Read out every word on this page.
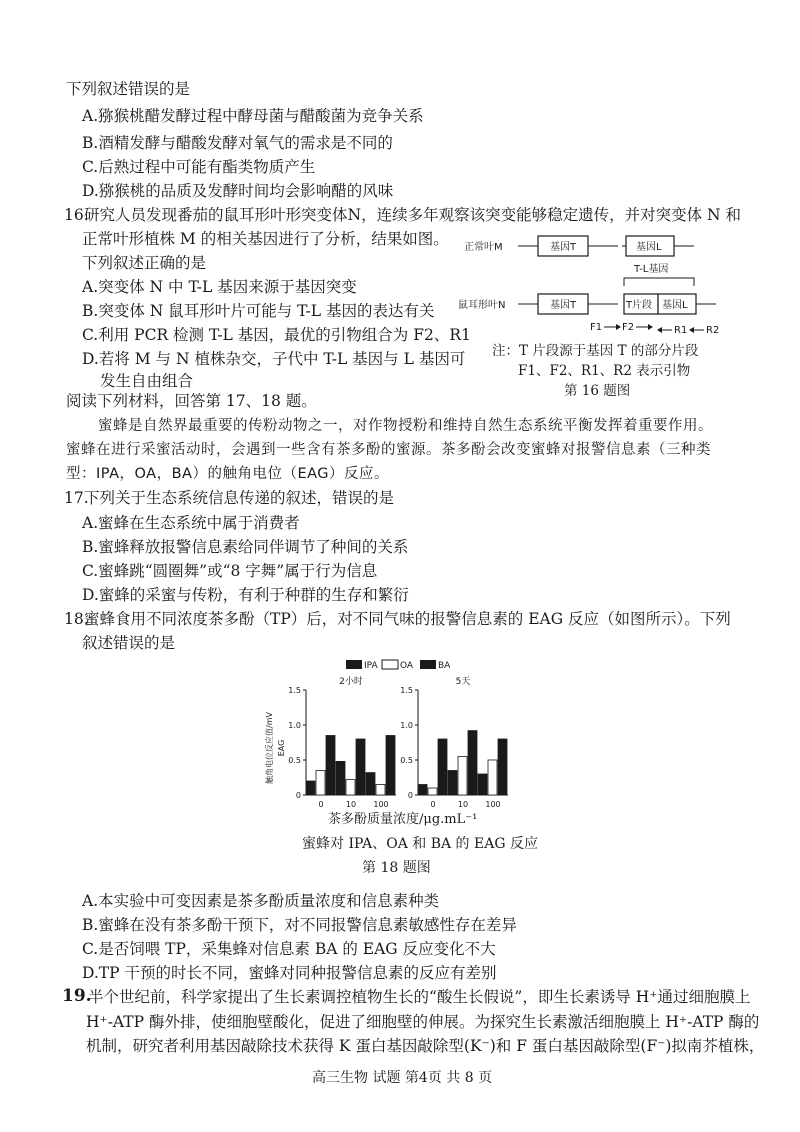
下列叙述错误的是
A.猕猴桃醋发酵过程中酵母菌与醋酸菌为竞争关系
B.酒精发酵与醋酸发酵对氧气的需求是不同的
C.后熟过程中可能有酯类物质产生
D.猕猴桃的品质及发酵时间均会影响醋的风味
16.
研究人员发现番茄的鼠耳形叶形突变体N，连续多年观察该突变能够稳定遗传，并对突变体 N 和
正常叶形植株 M 的相关基因进行了分析，结果如图。
下列叙述正确的是
A.突变体 N 中 T-L 基因来源于基因突变
B.突变体 N 鼠耳形叶片可能与 T-L 基因的表达有关
C.利用 PCR 检测 T-L 基因，最优的引物组合为 F2、R1
D.若将 M 与 N 植株杂交，子代中 T-L 基因与 L 基因可
发生自由组合
正常叶M	基因T	基因L
T-L基因
鼠耳形叶N	基因T	T片段 基因L
F1 F2	R1 R2
注：T 片段源于基因 T 的部分片段
F1、F2、R1、R2 表示引物
第 16 题图
阅读下列材料，回答第 17、18 题。
蜜蜂是自然界最重要的传粉动物之一，对作物授粉和维持自然生态系统平衡发挥着重要作用。
蜜蜂在进行采蜜活动时，会遇到一些含有茶多酚的蜜源。茶多酚会改变蜜蜂对报警信息素（三种类
型：IPA，OA，BA）的触角电位（EAG）反应。
17.
下列关于生态系统信息传递的叙述，错误的是
A.蜜蜂在生态系统中属于消费者
B.蜜蜂释放报警信息素给同伴调节了种间的关系
C.蜜蜂跳“圆圈舞”或“8 字舞”属于行为信息
D.蜜蜂的采蜜与传粉，有利于种群的生存和繁衍
18.
蜜蜂食用不同浓度茶多酚（TP）后，对不同气味的报警信息素的 EAG 反应（如图所示）。下列
叙述错误的是
IPA OA	BA
触角电位反应值/mV EAG
2小时
1.5
1.0
0.5
0
0	10 100
5天
1.5
1.0
0.5
0
0	10 100
茶多酚质量浓度/μg.mL⁻¹
蜜蜂对 IPA、OA 和 BA 的 EAG 反应
第 18 题图
A.本实验中可变因素是茶多酚质量浓度和信息素种类
B.蜜蜂在没有茶多酚干预下，对不同报警信息素敏感性存在差异
C.是否饲喂 TP，采集蜂对信息素 BA 的 EAG 反应变化不大
D.TP 干预的时长不同，蜜蜂对同种报警信息素的反应有差别
19.
半个世纪前，科学家提出了生长素调控植物生长的“酸生长假说”，即生长素诱导 H⁺通过细胞膜上
H⁺-ATP 酶外排，使细胞壁酸化，促进了细胞壁的伸展。为探究生长素激活细胞膜上 H⁺-ATP 酶的
机制，研究者利用基因敲除技术获得 K 蛋白基因敲除型(K⁻)和 F 蛋白基因敲除型(F⁻)拟南芥植株，
高三生物 试题 第4页 共 8 页
